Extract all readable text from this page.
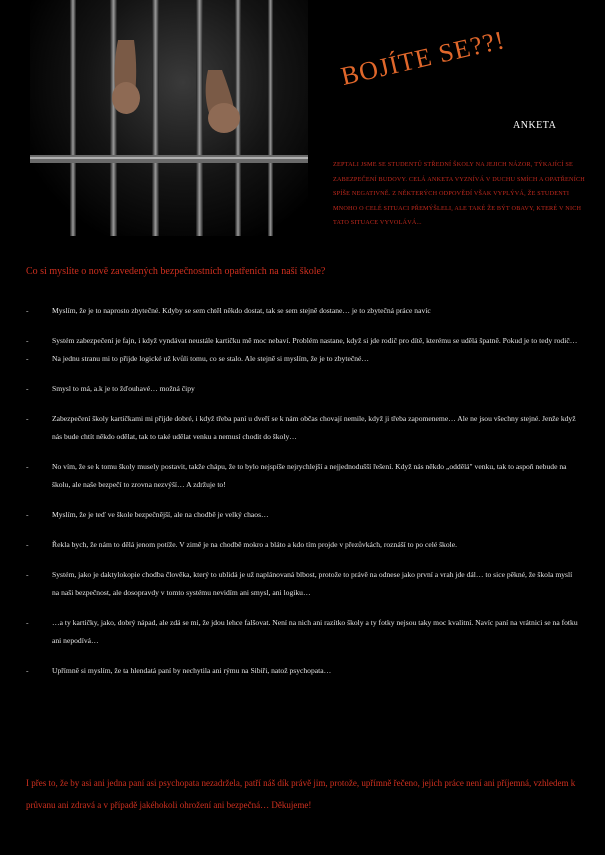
BOJÍTE SE??!
ANKETA
ZEPTALI JSME SE STUDENTŮ STŘEDNÍ ŠKOLY NA JEJICH NÁZOR, TÝKAJÍCÍ SE ZABEZPEČENÍ BUDOVY. CELÁ ANKETA VYZNÍVÁ V DUCHU SMÍCH A OPATŘENÍCH SPÍŠE NEGATIVNĚ. Z NĚKTERÝCH ODPOVĚDÍ VŠAK VYPLÝVÁ, ŽE STUDENTI MNOHO O CELÉ SITUACI PŘEMÝŠLELI, ALE TAKÉ ŽE BÝT OBAVY, KTERÉ V NICH TATO SITUACE VYVOLÁVÁ...
Co si myslíte o nově zavedených bezpečnostních opatřeních na naší škole?
- Myslím, že je to naprosto zbytečné. Kdyby se sem chtěl někdo dostat, tak se sem stejně dostane… je to zbytečná práce navíc
- Systém zabezpečení je fajn, i když vyndávat neustále kartičku mě moc nebaví. Problém nastane, když si jde rodič pro dítě, kterému se udělá špatně. Pokud je to tedy rodič…
- Na jednu stranu mi to přijde logické už kvůli tomu, co se stalo. Ale stejně si myslím, že je to zbytečné…
- Smysl to má, a.k je to žďouhavé… možná čipy
- Zabezpečení školy kartičkami mi přijde dobré, i když třeba paní u dveří se k nám občas chovají nemile, když ji třeba zapomeneme… Ale ne jsou všechny stejné. Jenže když nás bude chtít někdo odělat, tak to také udělat venku a nemusí chodit do školy…
- No vím, že se k tomu školy musely postavit, takže chápu, že to bylo nejspíše nejrychlejší a nejjednodušší řešení. Když nás někdo „oddělá" venku, tak to aspoň nebude na školu, ale naše bezpečí to zrovna nezvýší… A zdržuje to!
- Myslím, že je teď ve škole bezpečnější, ale na chodbě je velký chaos…
- Řekla bych, že nám to dělá jenom potíže. V zimě je na chodbě mokro a bláto a kdo tím projde v přezůvkách, roznáší to po celé škole.
- Systém, jako je daktylokopie chodba člověka, který to ublidá je už naplánovaná blbost, protože to právě na odnese jako první a vrah jde dál… to sice pěkné, že škola myslí na naši bezpečnost, ale dosopravdy v tomto systému nevidím ani smysl, ani logiku…
- …a ty kartičky, jako, dobrý nápad, ale zdá se mi, že jdou lehce falšovat. Není na nich ani razítko školy a ty fotky nejsou taky moc kvalitní. Navíc paní na vrátnici se na fotku ani nepodívá…
- Upřímně si myslím, že ta hlendatá paní by nechytila ani rýmu na Sibiři, natož psychopata…
I přes to, že by asi ani jedna paní asi psychopata nezadržela, patří náš dík právě jim, protože, upřímně řečeno, jejich práce není ani příjemná, vzhledem k průvanu ani zdravá a v případě jakéhokoli ohrožení ani bezpečná… Děkujeme!
